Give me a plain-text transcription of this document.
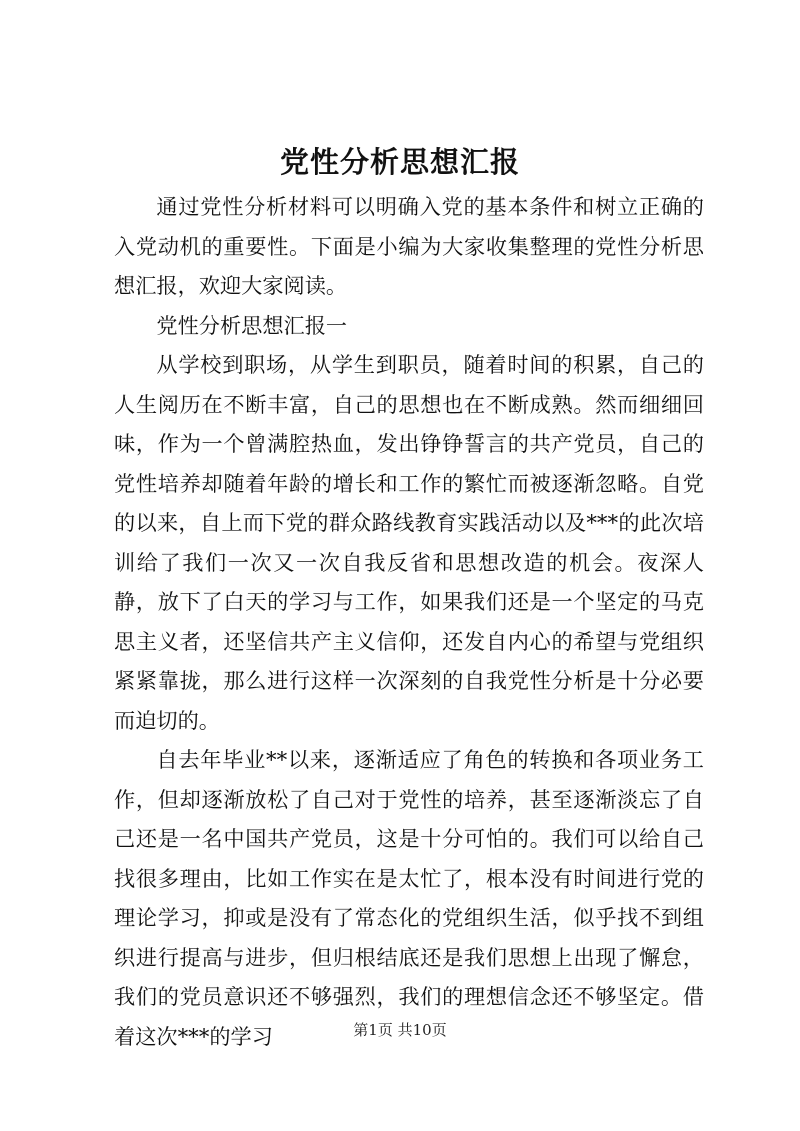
党性分析思想汇报

通过党性分析材料可以明确入党的基本条件和树立正确的入党动机的重要性。下面是小编为大家收集整理的党性分析思想汇报，欢迎大家阅读。

党性分析思想汇报一

从学校到职场，从学生到职员，随着时间的积累，自己的人生阅历在不断丰富，自己的思想也在不断成熟。然而细细回味，作为一个曾满腔热血，发出铮铮誓言的共产党员，自己的党性培养却随着年龄的增长和工作的繁忙而被逐渐忽略。自党的以来，自上而下党的群众路线教育实践活动以及***的此次培训给了我们一次又一次自我反省和思想改造的机会。夜深人静，放下了白天的学习与工作，如果我们还是一个坚定的马克思主义者，还坚信共产主义信仰，还发自内心的希望与党组织紧紧靠拢，那么进行这样一次深刻的自我党性分析是十分必要而迫切的。

自去年毕业**以来，逐渐适应了角色的转换和各项业务工作，但却逐渐放松了自己对于党性的培养，甚至逐渐淡忘了自己还是一名中国共产党员，这是十分可怕的。我们可以给自己找很多理由，比如工作实在是太忙了，根本没有时间进行党的理论学习，抑或是没有了常态化的党组织生活，似乎找不到组织进行提高与进步，但归根结底还是我们思想上出现了懈怠，我们的党员意识还不够强烈，我们的理想信念还不够坚定。借着这次***的学习	第1页 共10页
